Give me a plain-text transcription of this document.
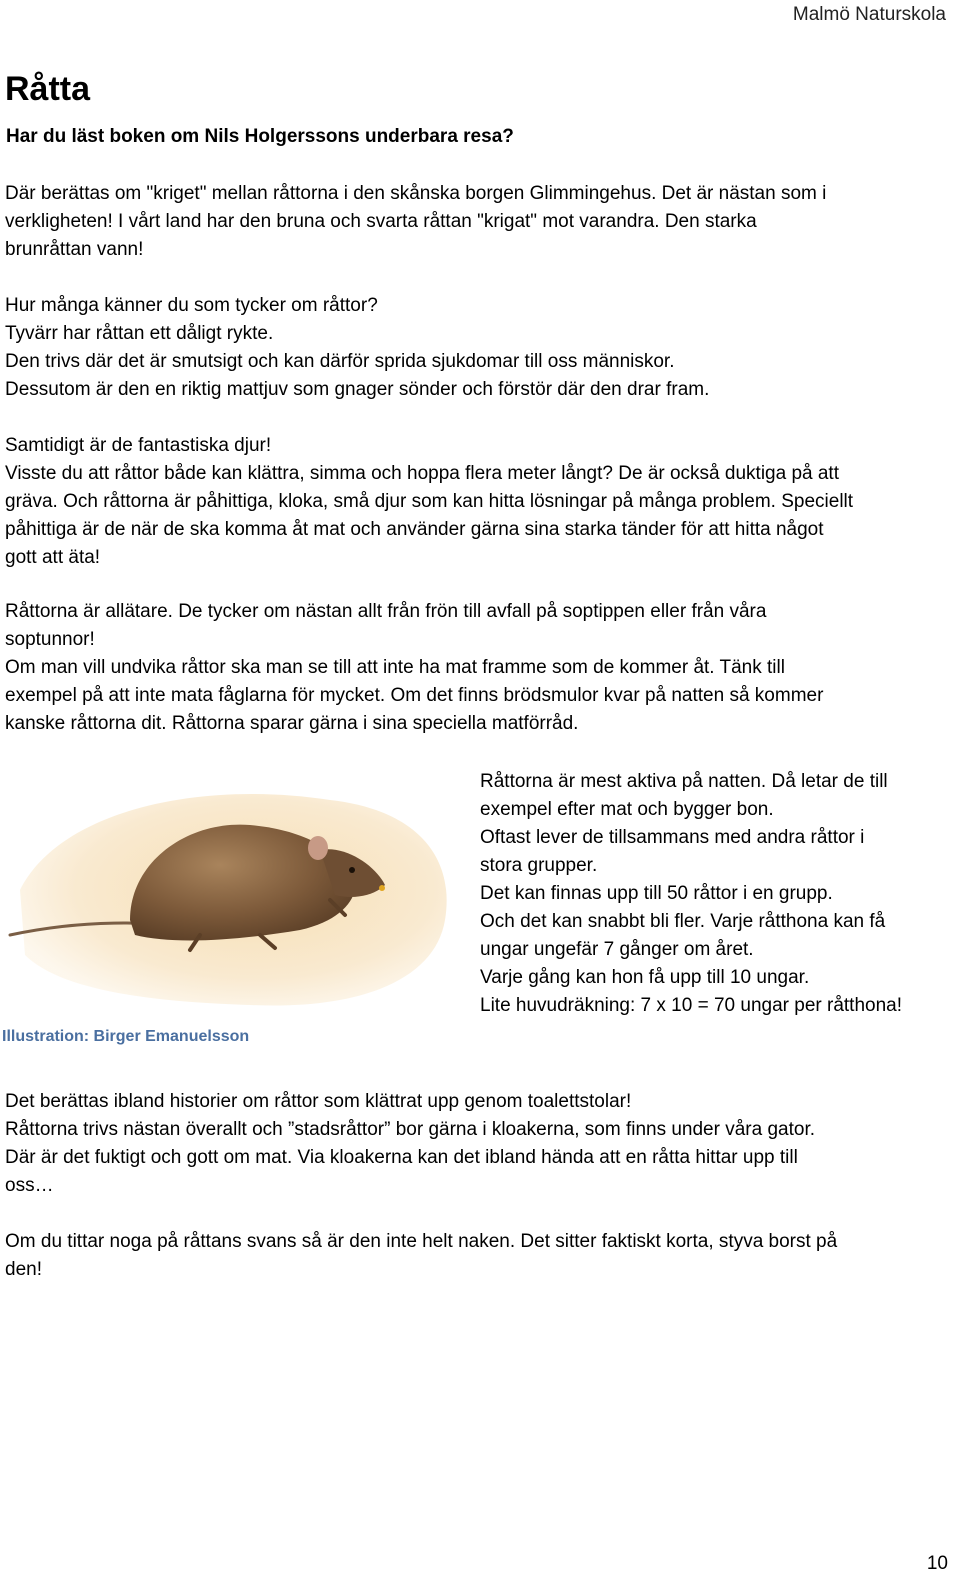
Malmö Naturskola
Råtta

Har du läst boken om Nils Holgerssons underbara resa?

Där berättas om "kriget" mellan råttorna i den skånska borgen Glimmingehus. Det är nästan som i
verkligheten! I vårt land har den bruna och svarta råttan "krigat" mot varandra. Den starka
brunråttan vann!

Hur många känner du som tycker om råttor?
Tyvärr har råttan ett dåligt rykte.
Den trivs där det är smutsigt och kan därför sprida sjukdomar till oss människor.
Dessutom är den en riktig mattjuv som gnager sönder och förstör där den drar fram.

Samtidigt är de fantastiska djur!
Visste du att råttor både kan klättra, simma och hoppa flera meter långt? De är också duktiga på att
gräva. Och råttorna är påhittiga, kloka, små djur som kan hitta lösningar på många problem. Speciellt
påhittiga är de när de ska komma åt mat och använder gärna sina starka tänder för att hitta något
gott att äta!

Råttorna är allätare. De tycker om nästan allt från frön till avfall på soptippen eller från våra
soptunnor!
Om man vill undvika råttor ska man se till att inte ha mat framme som de kommer åt. Tänk till
exempel på att inte mata fåglarna för mycket. Om det finns brödsmulor kvar på natten så kommer
kanske råttorna dit. Råttorna sparar gärna i sina speciella matförråd.

Illustration: Birger Emanuelsson

Råttorna är mest aktiva på natten. Då letar de till
exempel efter mat och bygger bon.
Oftast lever de tillsammans med andra råttor i
stora grupper.
Det kan finnas upp till 50 råttor i en grupp.
Och det kan snabbt bli fler. Varje råtthona kan få
ungar ungefär 7 gånger om året.
Varje gång kan hon få upp till 10 ungar.
Lite huvudräkning: 7 x 10 = 70 ungar per råtthona!

Det berättas ibland historier om råttor som klättrat upp genom toalettstolar!
Råttorna trivs nästan överallt och ”stadsråttor” bor gärna i kloakerna, som finns under våra gator.
Där är det fuktigt och gott om mat. Via kloakerna kan det ibland hända att en råtta hittar upp till
oss…

Om du tittar noga på råttans svans så är den inte helt naken. Det sitter faktiskt korta, styva borst på
den!

10
